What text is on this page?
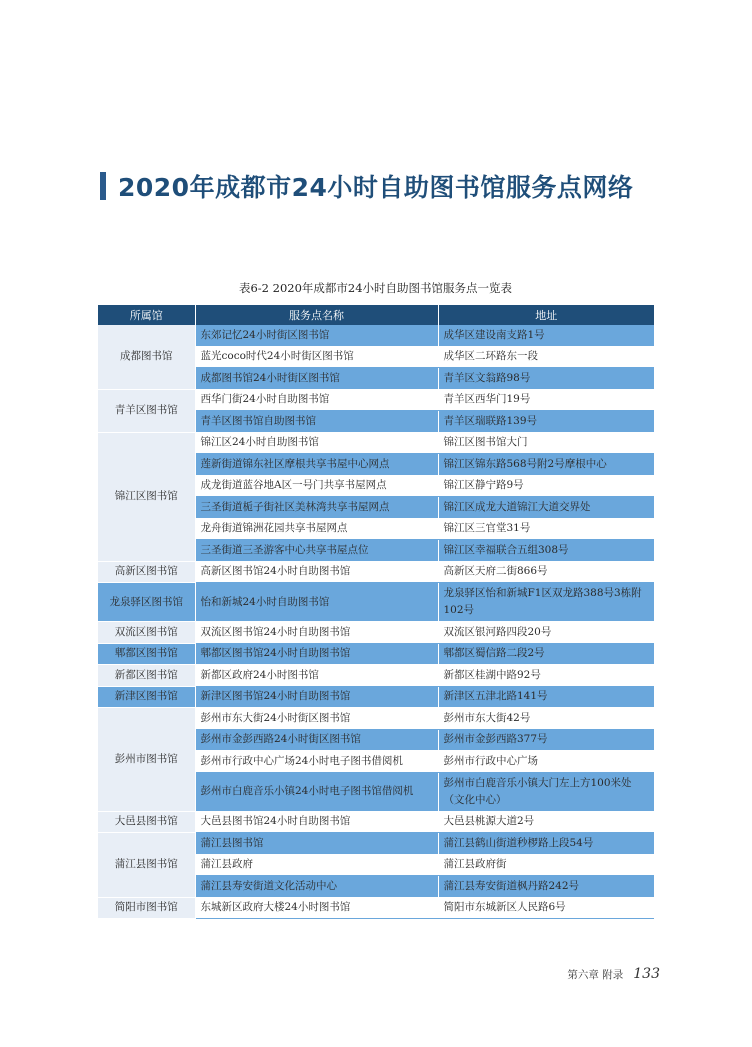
2020年成都市24小时自助图书馆服务点网络
表6-2 2020年成都市24小时自助图书馆服务点一览表
所属馆	服务点名称	地址
成都图书馆	东郊记忆24小时街区图书馆	成华区建设南支路1号
	蓝光coco时代24小时街区图书馆	成华区二环路东一段
	成都图书馆24小时街区图书馆	青羊区文翁路98号
青羊区图书馆	西华门街24小时自助图书馆	青羊区西华门19号
	青羊区图书馆自助图书馆	青羊区瑞联路139号
锦江区图书馆	锦江区24小时自助图书馆	锦江区图书馆大门
	莲新街道锦东社区摩根共享书屋中心网点	锦江区锦东路568号附2号摩根中心
	成龙街道蓝谷地A区一号门共享书屋网点	锦江区静宁路9号
	三圣街道栀子街社区美林湾共享书屋网点	锦江区成龙大道锦江大道交界处
	龙舟街道锦洲花园共享书屋网点	锦江区三官堂31号
	三圣街道三圣游客中心共享书屋点位	锦江区幸福联合五组308号
高新区图书馆	高新区图书馆24小时自助图书馆	高新区天府二街866号
龙泉驿区图书馆	怡和新城24小时自助图书馆	龙泉驿区怡和新城F1区双龙路388号3栋附102号
双流区图书馆	双流区图书馆24小时自助图书馆	双流区银河路四段20号
郫都区图书馆	郫都区图书馆24小时自助图书馆	郫都区蜀信路二段2号
新都区图书馆	新都区政府24小时图书馆	新都区桂湖中路92号
新津区图书馆	新津区图书馆24小时自助图书馆	新津区五津北路141号
彭州市图书馆	彭州市东大街24小时街区图书馆	彭州市东大街42号
	彭州市金彭西路24小时街区图书馆	彭州市金彭西路377号
	彭州市行政中心广场24小时电子图书借阅机	彭州市行政中心广场
	彭州市白鹿音乐小镇24小时电子图书馆借阅机	彭州市白鹿音乐小镇大门左上方100米处（文化中心）
大邑县图书馆	大邑县图书馆24小时自助图书馆	大邑县桃源大道2号
蒲江县图书馆	蒲江县图书馆	蒲江县鹤山街道秒椤路上段54号
	蒲江县政府	蒲江县政府街
	蒲江县寿安街道文化活动中心	蒲江县寿安街道枫丹路242号
简阳市图书馆	东城新区政府大楼24小时图书馆	简阳市东城新区人民路6号

第六章 附录 133
